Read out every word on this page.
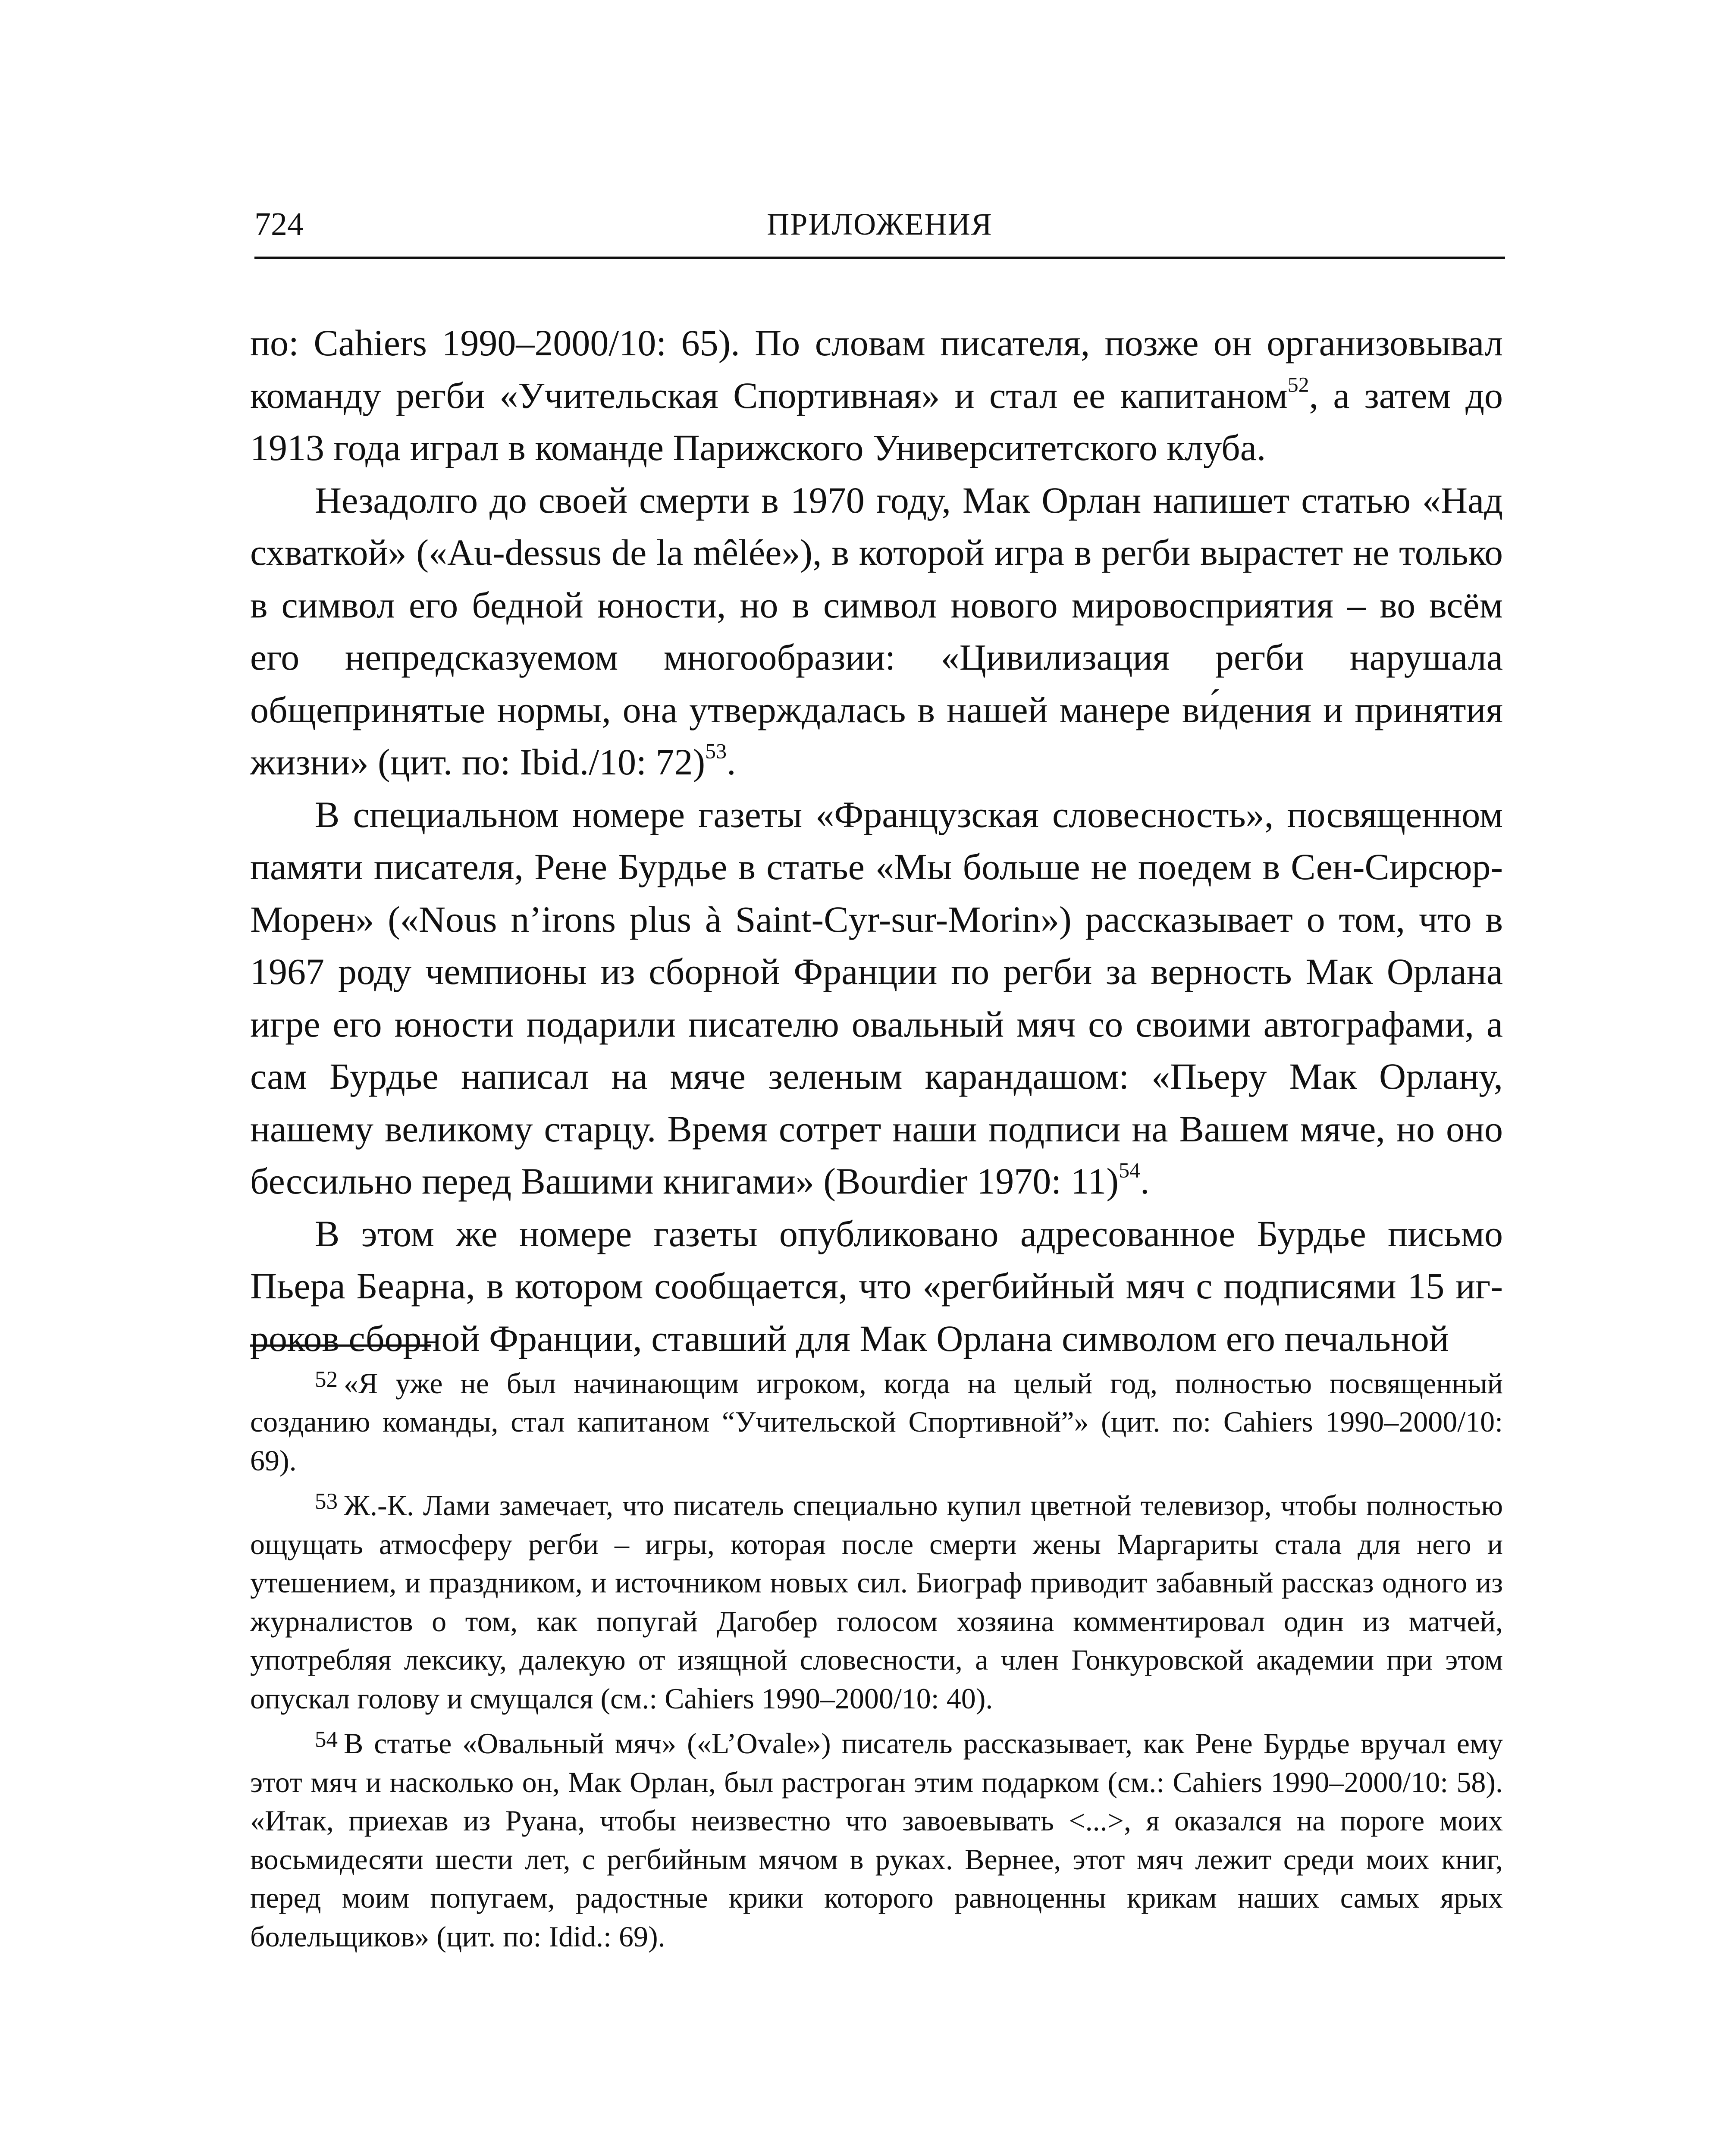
724	ПРИЛОЖЕНИЯ

по: Cahiers 1990–2000/10: 65). По словам писателя, позже он организовывал команду регби «Учительская Спортивная» и стал ее капитаном$^{52}$, а затем до 1913 года играл в команде Парижского Университетского клуба.

Незадолго до своей смерти в 1970 году, Мак Орлан напишет статью «Над схваткой» («Au-dessus de la mêlée»), в которой игра в регби вырастет не только в символ его бедной юности, но в символ нового мировосприятия – во всём его непредсказуемом многообразии: «Цивилизация регби нарушала общепринятые нормы, она утверждалась в нашей манере ви́дения и принятия жизни» (цит. по: Ibid./10: 72)$^{53}$.

В специальном номере газеты «Французская словесность», посвященном памяти писателя, Рене Бурдье в статье «Мы больше не поедем в Сен-Сирсюр-Морен» («Nous n’irons plus à Saint-Cyr-sur-Morin») рассказывает о том, что в 1967 роду чемпионы из сборной Франции по регби за верность Мак Орлана игре его юности подарили писателю овальный мяч со своими автографами, а сам Бурдье написал на мяче зеленым карандашом: «Пьеру Мак Орлану, нашему великому старцу. Время сотрет наши подписи на Вашем мяче, но оно бессильно перед Вашими книгами» (Bourdier 1970: 11)$^{54}$.

В этом же номере газеты опубликовано адресованное Бурдье письмо Пьера Беарна, в котором сообщается, что «регбийный мяч с подписями 15 игроков сборной Франции, ставший для Мак Орлана символом его печальной

$^{52}$ «Я уже не был начинающим игроком, когда на целый год, полностью посвященный созданию команды, стал капитаном “Учительской Спортивной”» (цит. по: Cahiers 1990–2000/10: 69).

$^{53}$ Ж.-К. Лами замечает, что писатель специально купил цветной телевизор, чтобы полностью ощущать атмосферу регби – игры, которая после смерти жены Маргариты стала для него и утешением, и праздником, и источником новых сил. Биограф приводит забавный рассказ одного из журналистов о том, как попугай Дагобер голосом хозяина комментировал один из матчей, употребляя лексику, далекую от изящной словесности, а член Гонкуровской академии при этом опускал голову и смущался (см.: Cahiers 1990–2000/10: 40).

$^{54}$ В статье «Овальный мяч» («L’Ovale») писатель рассказывает, как Рене Бурдье вручал ему этот мяч и насколько он, Мак Орлан, был растроган этим подарком (см.: Cahiers 1990–2000/10: 58). «Итак, приехав из Руана, чтобы неизвестно что завоевывать <...>, я оказался на пороге моих восьмидесяти шести лет, с регбийным мячом в руках. Вернее, этот мяч лежит среди моих книг, перед моим попугаем, радостные крики которого равноценны крикам наших самых ярых болельщиков» (цит. по: Idid.: 69).
